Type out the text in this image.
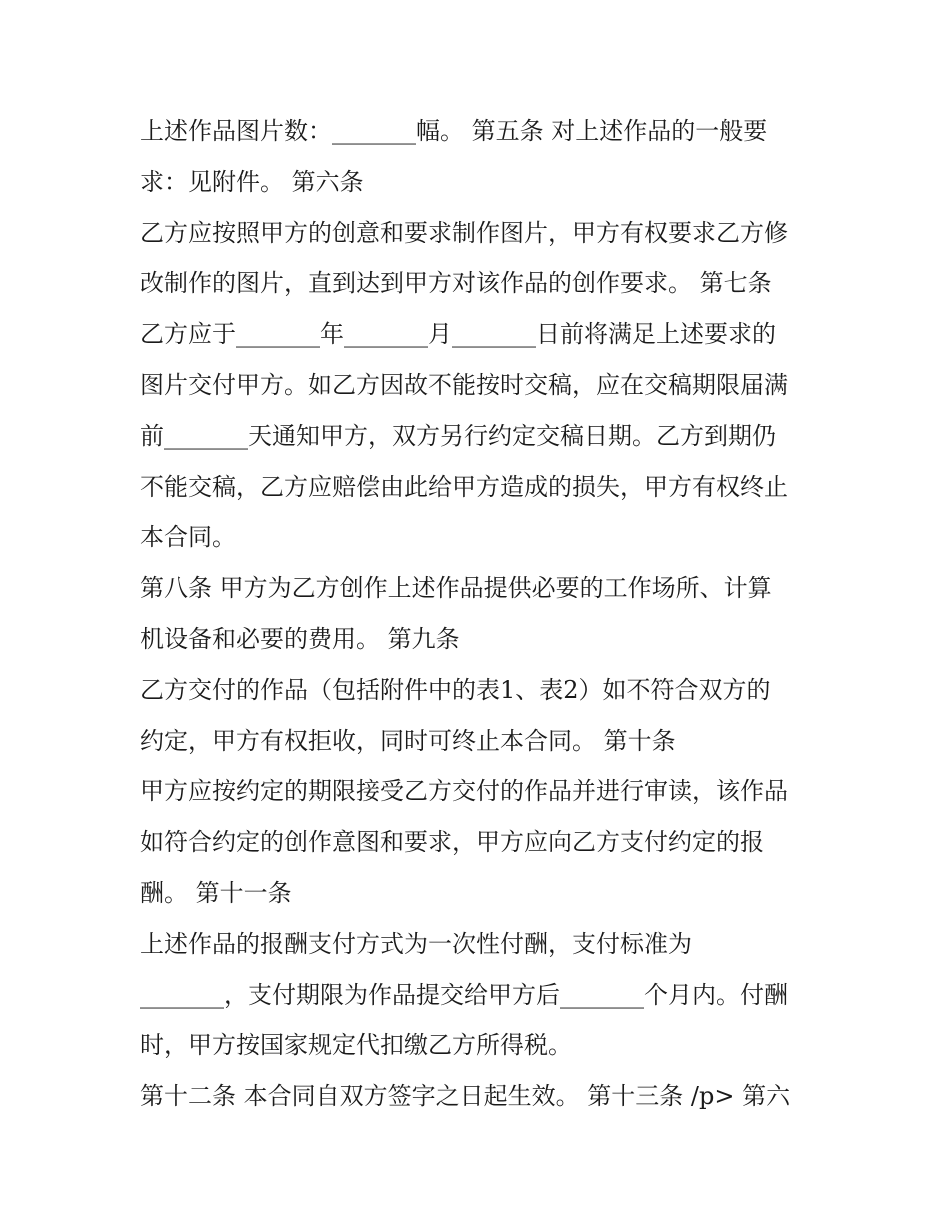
上述作品图片数：_______幅。 第五条 对上述作品的一般要
求：见附件。 第六条
乙方应按照甲方的创意和要求制作图片，甲方有权要求乙方修
改制作的图片，直到达到甲方对该作品的创作要求。 第七条
乙方应于_______年_______月_______日前将满足上述要求的
图片交付甲方。如乙方因故不能按时交稿，应在交稿期限届满
前_______天通知甲方，双方另行约定交稿日期。乙方到期仍
不能交稿，乙方应赔偿由此给甲方造成的损失，甲方有权终止
本合同。
第八条 甲方为乙方创作上述作品提供必要的工作场所、计算
机设备和必要的费用。 第九条
乙方交付的作品（包括附件中的表1、表2）如不符合双方的
约定，甲方有权拒收，同时可终止本合同。 第十条
甲方应按约定的期限接受乙方交付的作品并进行审读，该作品
如符合约定的创作意图和要求，甲方应向乙方支付约定的报
酬。 第十一条
上述作品的报酬支付方式为一次性付酬，支付标准为
_______，支付期限为作品提交给甲方后_______个月内。付酬
时，甲方按国家规定代扣缴乙方所得税。
第十二条 本合同自双方签字之日起生效。 第十三条 /p> 第六
